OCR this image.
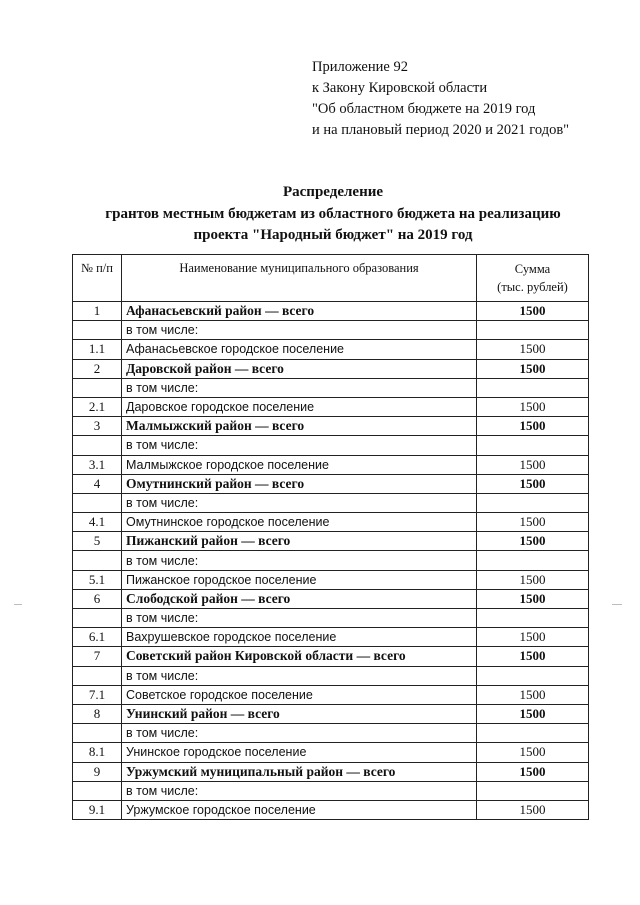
Приложение 92
к Закону Кировской области
"Об областном бюджете на 2019 год
и на плановый период 2020 и 2021 годов"
Распределение
грантов местным бюджетам из областного бюджета на реализацию
проекта "Народный бюджет" на 2019 год
№ п/п	Наименование муниципального образования	Сумма
(тыс. рублей)

1	Афанасьевский район — всего	1500
	в том числе:	
1.1	Афанасьевское городское поселение	1500
2	Даровской район — всего	1500
	в том числе:	
2.1	Даровское городское поселение	1500
3	Малмыжский район — всего	1500
	в том числе:	
3.1	Малмыжское городское поселение	1500
4	Омутнинский район — всего	1500
	в том числе:	
4.1	Омутнинское городское поселение	1500
5	Пижанский район — всего	1500
	в том числе:	
5.1	Пижанское городское поселение	1500
6	Слободской район — всего	1500
	в том числе:	
6.1	Вахрушевское городское поселение	1500
7	Советский район Кировской области — всего	1500
	в том числе:	
7.1	Советское городское поселение	1500
8	Унинский район — всего	1500
	в том числе:	
8.1	Унинское городское поселение	1500
9	Уржумский муниципальный район — всего	1500
	в том числе:	
9.1	Уржумское городское поселение	1500
